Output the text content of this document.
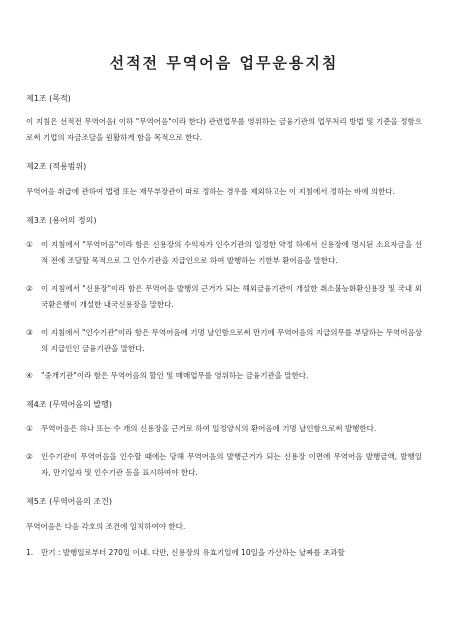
선적전 무역어음 업무운용지침

제1조 (목적)

이 지침은 선적전 무역어음( 이하 "무역어음"이라 한다) 관련업무를 영위하는 금융기관의 업무처리 방법 및 기준을 정함으로써 기업의 자금조달을 원활하게 함을 목적으로 한다.

제2조 (적용범위)

무역어음 취급에 관하여 법령 또는 재무부장관이 따로 정하는 경우를 제외하고는 이 지침에서 정하는 바에 의한다.

제3조 (용어의 정의)

①	이 지침에서 "무역어음"이라 함은 신용장의 수익자가 인수기관의 일정한 약정 하에서 신용장에 명시된 소요자금을 선적 전에 조달할 목적으로 그 인수기관을 지급인으로 하여 발행하는 기한부 환어음을 말한다.
②	이 지침에서 "신용장"이라 함은 무역어음 발행의 근거가 되는 해외금융기관이 개설한 취소불능화환신용장 및 국내 외국환은행이 개설한 내국신용장을 말한다.
③	이 지침에서 "인수기관"이라 함은 무역어음에 기명 날인함으로써 만기에 무역어음의 지급의무를 부담하는 무역어음상의 지급인인 금융기관을 말한다.
④	"중개기관"이라 함은 무역어음의 할인 및 매매업무를 영위하는 금융기관을 말한다.

제4조 (무역어음의 발행)

①	무역어음은 하나 또는 수 개의 신용장을 근거로 하여 일정양식의 환어음에 기명 날인함으로써 발행한다.
②	인수기관이 무역어음을 인수할 때에는 당해 무역어음의 발행근거가 되는 신용장 이면에 무역어음 발행금액, 발행일자, 만기일자 및 인수기관 등을 표시하여야 한다.

제5조 (무역어음의 조건)

무역어음은 다음 각호의 조건에 일치하여야 한다.

1.	만기 : 발행일로부터 270일 이내. 다만, 신용장의 유효기일에 10일을 가산하는 날짜를 초과할
